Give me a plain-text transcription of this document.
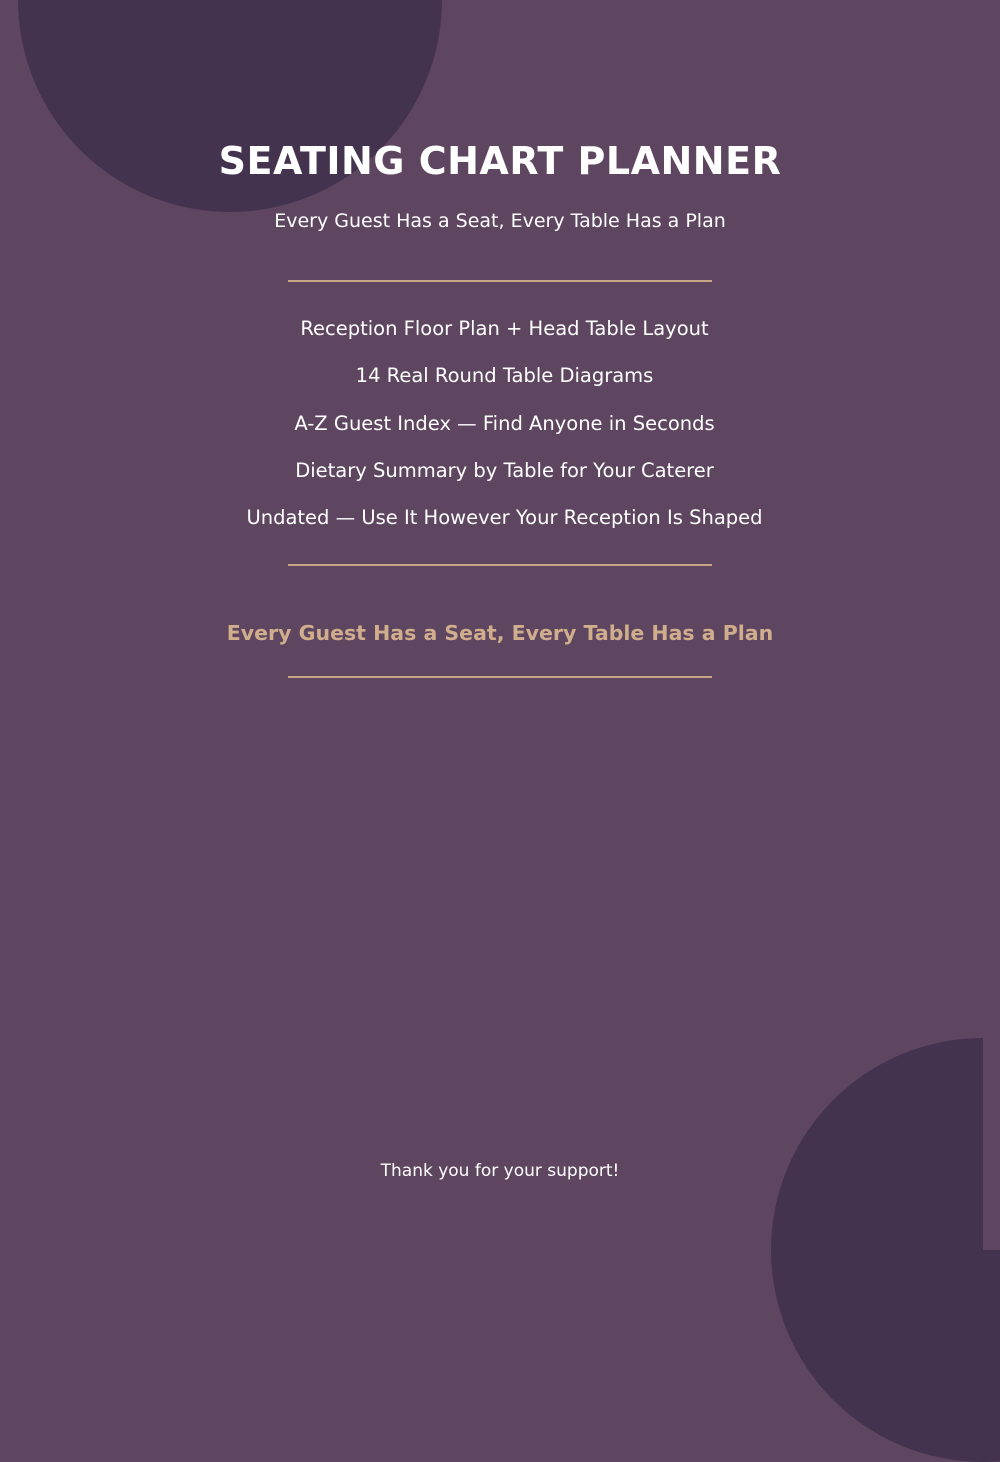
SEATING CHART PLANNER
Every Guest Has a Seat, Every Table Has a Plan
Reception Floor Plan + Head Table Layout
14 Real Round Table Diagrams
A-Z Guest Index — Find Anyone in Seconds
Dietary Summary by Table for Your Caterer
Undated — Use It However Your Reception Is Shaped
Every Guest Has a Seat, Every Table Has a Plan
Thank you for your support!
